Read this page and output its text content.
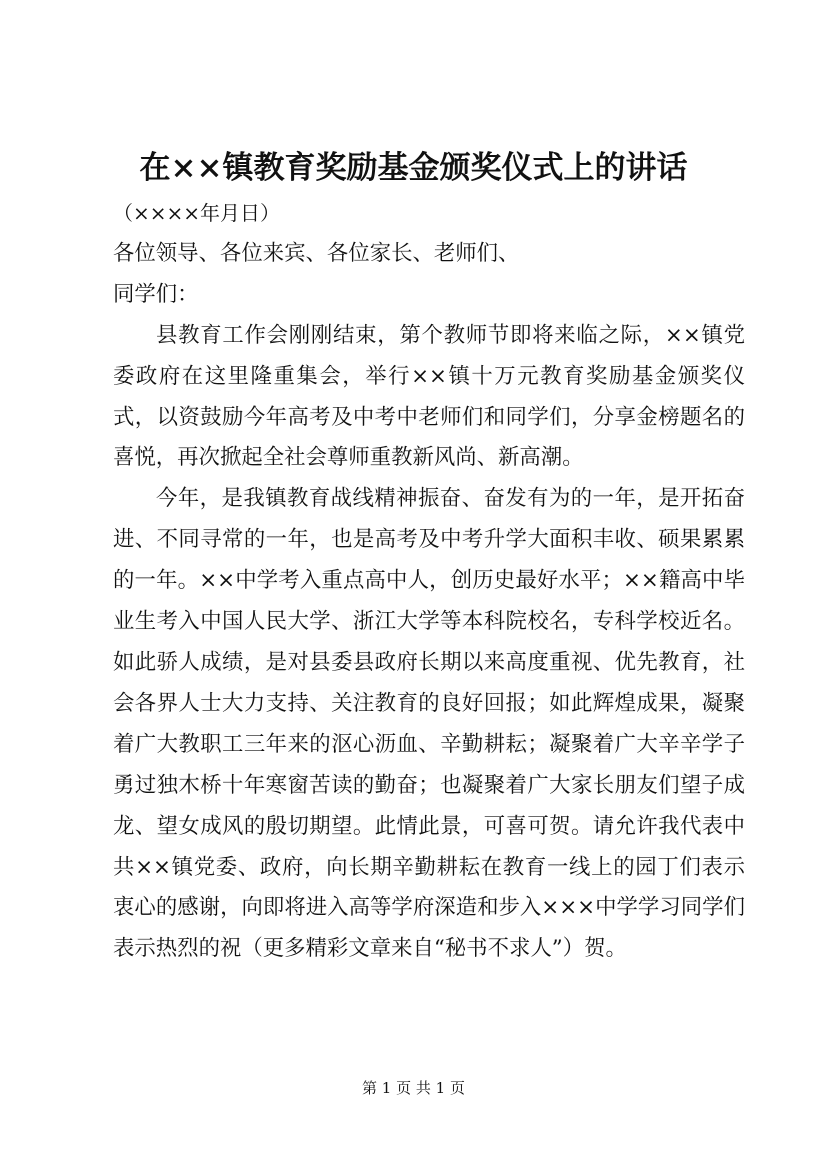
在××镇教育奖励基金颁奖仪式上的讲话

（××××年月日）

各位领导、各位来宾、各位家长、老师们、

同学们：

县教育工作会刚刚结束，第个教师节即将来临之际，××镇党委政府在这里隆重集会，举行××镇十万元教育奖励基金颁奖仪式，以资鼓励今年高考及中考中老师们和同学们，分享金榜题名的喜悦，再次掀起全社会尊师重教新风尚、新高潮。

今年，是我镇教育战线精神振奋、奋发有为的一年，是开拓奋进、不同寻常的一年，也是高考及中考升学大面积丰收、硕果累累的一年。××中学考入重点高中人，创历史最好水平；××籍高中毕业生考入中国人民大学、浙江大学等本科院校名，专科学校近名。如此骄人成绩，是对县委县政府长期以来高度重视、优先教育，社会各界人士大力支持、关注教育的良好回报；如此辉煌成果，凝聚着广大教职工三年来的沤心沥血、辛勤耕耘；凝聚着广大辛辛学子勇过独木桥十年寒窗苦读的勤奋；也凝聚着广大家长朋友们望子成龙、望女成风的殷切期望。此情此景，可喜可贺。请允许我代表中共××镇党委、政府，向长期辛勤耕耘在教育一线上的园丁们表示衷心的感谢，向即将进入高等学府深造和步入×××中学学习同学们表示热烈的祝（更多精彩文章来自“秘书不求人”）贺。

第 1 页 共 1 页
